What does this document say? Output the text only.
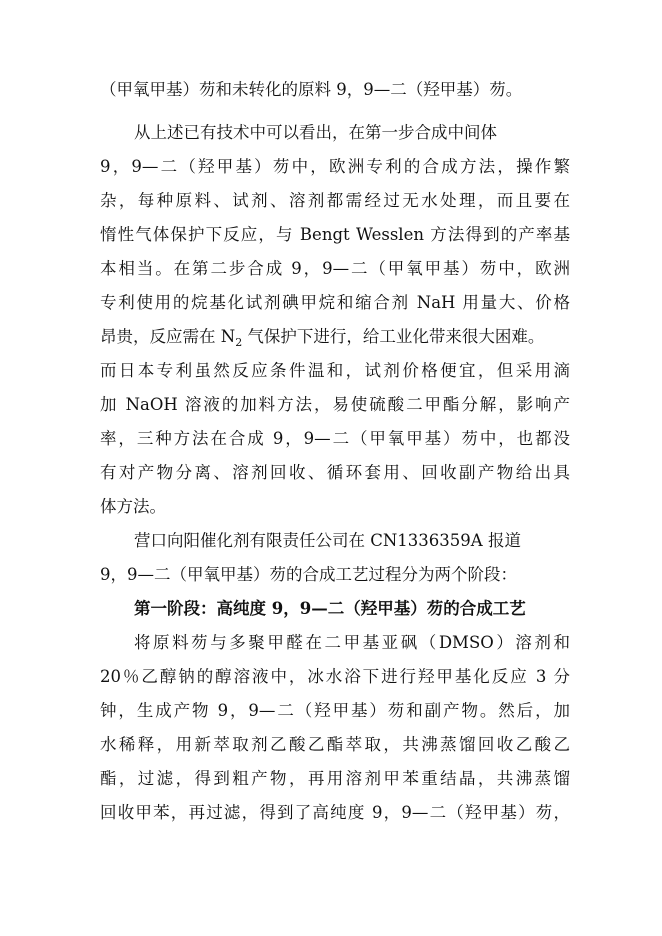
（甲氧甲基）芴和未转化的原料 9，9—二（羟甲基）芴。
从上述已有技术中可以看出，在第一步合成中间体
9，9—二（羟甲基）芴中，欧洲专利的合成方法，操作繁
杂，每种原料、试剂、溶剂都需经过无水处理，而且要在
惰性气体保护下反应，与 Bengt Wesslen 方法得到的产率基
本相当。在第二步合成 9，9—二（甲氧甲基）芴中，欧洲
专利使用的烷基化试剂碘甲烷和缩合剂 NaH 用量大、价格
昂贵，反应需在 $N_2$ 气保护下进行，给工业化带来很大困难。
而日本专利虽然反应条件温和，试剂价格便宜，但采用滴
加 NaOH 溶液的加料方法，易使硫酸二甲酯分解，影响产
率，三种方法在合成 9，9—二（甲氧甲基）芴中，也都没
有对产物分离、溶剂回收、循环套用、回收副产物给出具
体方法。
营口向阳催化剂有限责任公司在 CN1336359A 报道
9，9—二（甲氧甲基）芴的合成工艺过程分为两个阶段：
第一阶段：高纯度 9，9—二（羟甲基）芴的合成工艺
将原料芴与多聚甲醛在二甲基亚砜（DMSO）溶剂和
20％乙醇钠的醇溶液中，冰水浴下进行羟甲基化反应 3 分
钟，生成产物 9，9—二（羟甲基）芴和副产物。然后，加
水稀释，用新萃取剂乙酸乙酯萃取，共沸蒸馏回收乙酸乙
酯，过滤，得到粗产物，再用溶剂甲苯重结晶，共沸蒸馏
回收甲苯，再过滤，得到了高纯度 9，9—二（羟甲基）芴，
